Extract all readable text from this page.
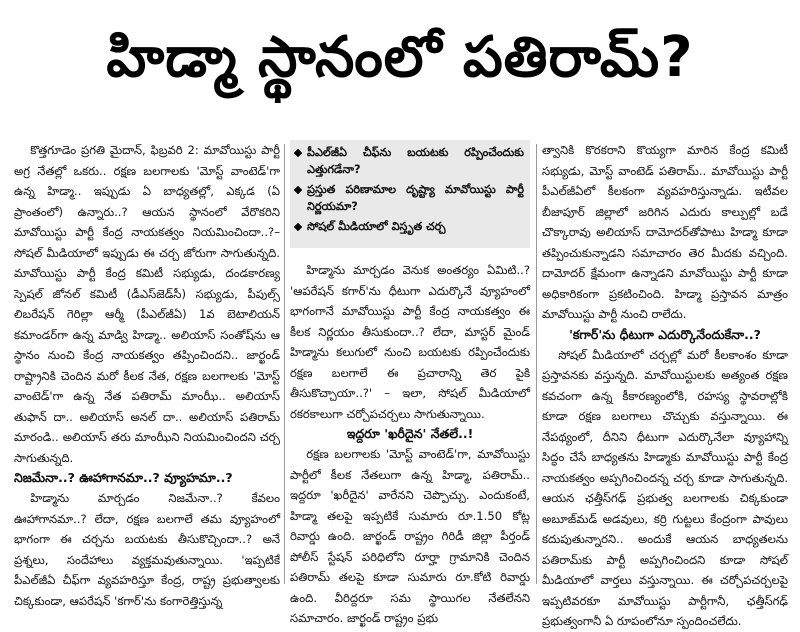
హిడ్మా స్థానంలో పతిరామ్?

కొత్తగూడెం ప్రగతి మైదాన్, ఫిబ్రవరి 2: మావోయిస్టు పార్టీ అగ్ర నేతల్లో ఒకరు.. రక్షణ బలగాలకు 'మోస్ట్ వాంటెడ్'గా ఉన్న హిడ్మా.. ఇప్పుడు ఏ బాధ్యతల్లో, ఎక్కడ (ఏ ప్రాంతంలో) ఉన్నారు..? ఆయన స్థానంలో వేరొకరిని మావోయిస్టు పార్టీ కేంద్ర నాయకత్వం నియమించిందా..?– సోషల్ మీడియాలో ఇప్పుడు ఈ చర్చ జోరుగా సాగుతున్నది. మావోయిస్టు పార్టీ కేంద్ర కమిటీ సభ్యుడు, దండకారణ్య స్పెషల్ జోనల్ కమిటీ (డీఎస్‌జెడ్‌సీ) సభ్యుడు, పీపుల్స్ లిబరేషన్ గెరిల్లా ఆర్మీ (పీఎల్‌జీఏ) 1వ బెటాలియన్ కమాండర్‌గా ఉన్న మాడ్వి హిడ్మా.. అలియాస్ సంతోష్‌ను ఆ స్థానం నుంచి కేంద్ర నాయకత్వం తప్పించిందని.. జార్ఖండ్ రాష్ట్రానికి చెందిన మరో కీలక నేత, రక్షణ బలగాలకు 'మోస్ట్ వాంటెడ్'గా ఉన్న నేత పతిరామ్ మాంఝీ.. అలియాస్ తుఫాన్ దా.. అలియాస్ అనల్ దా.. అలియాస్ పతిరామ్ మారండి.. అలియాస్ తరు మాంఝీని నియమించిందని చర్చ సాగుతున్నది.

నిజమేనా..? ఊహాగానమా..? వ్యూహమా..?

హిడ్మాను మార్చడం నిజమేనా..? కేవలం ఊహాగానమా..? లేదా, రక్షణ బలగాలే తమ వ్యూహంలో భాగంగా ఈ చర్చను బయటకు తీసుకొచ్చిందా..? అనే ప్రశ్నలు, సందేహాలు వ్యక్తమవుతున్నాయి. 'ఇప్పటికే పీఎల్‌జీఏ చీఫ్‌గా వ్యవహరిస్తూ కేంద్ర, రాష్ట్ర ప్రభుత్వాలకు చిక్కకుండా, ఆపరేషన్ 'కగార్'ను కంగారెత్తిస్తున్న

పీఎల్‌జీఏ చీఫ్‌ను బయటకు రప్పించేందుకు ఎత్తుగడేనా?
ప్రస్తుత పరిణామాల దృష్ట్యా మావోయిస్టు పార్టీ నిర్ణయమా?
సోషల్ మీడియాలో విస్తృత చర్చ

హిడ్మాను మార్చడం వెనుక అంతర్యం ఏమిటి..? 'ఆపరేషన్ కగార్'ను ధీటుగా ఎదుర్కొనే వ్యూహంలో భాగంగానే మావోయిస్టు పార్టీ కేంద్ర నాయకత్వం ఈ కీలక నిర్ణయం తీసుకుందా..? లేదా, మాస్టర్ మైండ్ హిడ్మాను కలుగులో నుంచి బయటకు రప్పించేందుకు రక్షణ బలగాలే ఈ ప్రచారాన్ని తెర పైకి తీసుకొచ్చాయా..?' – ఇలా, సోషల్ మీడియాలో రకరకాలుగా చర్చోపచర్చలు సాగుతున్నాయి.

ఇద్దరూ 'ఖరీదైన' నేతలే..!

రక్షణ బలగాలకు 'మోస్ట్ వాంటెడ్'గా, మావోయిస్టు పార్టీలో కీలక నేతలుగా ఉన్న హిడ్మా, పతిరామ్.. ఇద్దరూ 'ఖరీదైన' వారేనని చెప్పొచ్చు. ఎందుకంటే, హిడ్మా తలపై ఇప్పటికే సుమారు రూ.1.50 కోట్ల రివార్డు ఉంది. జార్ఖండ్ రాష్ట్రం గిరిడీ జిల్లా పీర్తండ్ పోలీస్ స్టేషన్ పరిధిలోని రూర్హా గ్రామానికి చెందిన పతిరామ్ తలపై కూడా సుమారు రూ.కోటి రివార్డు ఉంది. వీరిద్దరూ సమ స్థాయిగల నేతలేనని సమాచారం. జార్ఖండ్ రాష్ట్రం ప్రభు

త్వానికి కొరకరాని కొయ్యగా మారిన కేంద్ర కమిటీ సభ్యుడు, మోస్ట్ వాంటెడ్ పతిరామ్.. మావోయిస్టు పార్టీ పీఎల్‌జీఏలో కీలకంగా వ్యవహరిస్తున్నాడు. ఇటీవల బీజాపూర్ జిల్లాలో జరిగిన ఎదురు కాల్పుల్లో బడే చొక్కారావు అలియాస్ దామోదర్‌తోపాటు హిడ్మా కూడా తప్పించుకున్నాడని సమాచారం తెర మీదకు వచ్చింది. దామోదర్ క్షేమంగా ఉన్నాడని మావోయిస్టు పార్టీ కూడా అధికారికంగా ప్రకటించింది. హిడ్మా ప్రస్తావన మాత్రం మావోయిస్టు పార్టీ నుంచి రాలేదు.

'కగార్'ను ధీటుగా ఎదుర్కొనేందుకేనా..?

సోషల్ మీడియాలో చర్చల్లో మరో కీలకాంశం కూడా ప్రస్తావనకు వస్తున్నది. మావోయిస్టులకు అత్యంత రక్షణ కవచంగా ఉన్న కీకారణ్యంలోకి, రహస్య స్థావరాల్లోకి కూడా రక్షణ బలగాలు చొచ్చుకు వస్తున్నాయి. ఈ నేపథ్యంలో, దీనిని ధీటుగా ఎదుర్కొనేలా వ్యూహాన్ని సిద్ధం చేసే బాధ్యతను హిడ్మాకు మావోయిస్టు పార్టీ కేంద్ర నాయకత్వం అప్పగించిందన్న చర్చ కూడా సాగుతున్నది. ఆయన ఛత్తీస్‌గఢ్ ప్రభుత్వ బలగాలకు చిక్కకుండా అబూజ్‌మడ్ అడవులు, కర్రి గుట్టలు కేంద్రంగా పావులు కదుపుతున్నారని.. అందుకే ఆయన బాధ్యతలను పతిరామ్‌కు పార్టీ అప్పగించిందని కూడా సోషల్ మీడియాలో వార్తలు వస్తున్నాయి. ఈ చర్చోపచర్చలపై ఇప్పటివరకూ మావోయిస్టు పార్టీగానీ, ఛత్తీస్‌గఢ్ ప్రభుత్వంగానీ ఏ రూపంలోనూ స్పందించలేదు.
